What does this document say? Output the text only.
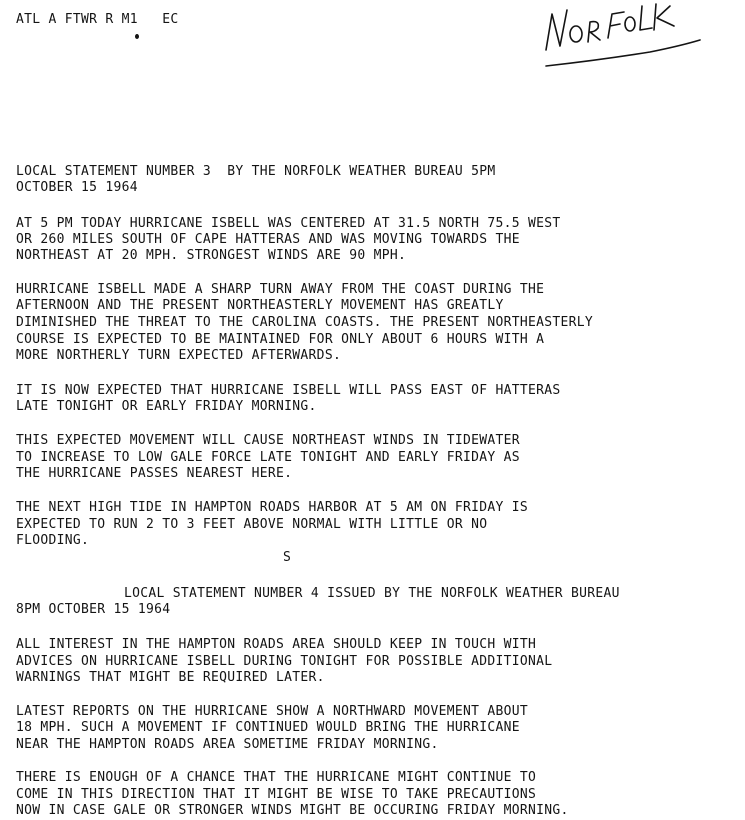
ATL A FTWR R M1   EC
LOCAL STATEMENT NUMBER 3  BY THE NORFOLK WEATHER BUREAU 5PM
OCTOBER 15 1964
AT 5 PM TODAY HURRICANE ISBELL WAS CENTERED AT 31.5 NORTH 75.5 WEST
OR 260 MILES SOUTH OF CAPE HATTERAS AND WAS MOVING TOWARDS THE
NORTHEAST AT 20 MPH. STRONGEST WINDS ARE 90 MPH.
HURRICANE ISBELL MADE A SHARP TURN AWAY FROM THE COAST DURING THE
AFTERNOON AND THE PRESENT NORTHEASTERLY MOVEMENT HAS GREATLY
DIMINISHED THE THREAT TO THE CAROLINA COASTS. THE PRESENT NORTHEASTERLY
COURSE IS EXPECTED TO BE MAINTAINED FOR ONLY ABOUT 6 HOURS WITH A
MORE NORTHERLY TURN EXPECTED AFTERWARDS.
IT IS NOW EXPECTED THAT HURRICANE ISBELL WILL PASS EAST OF HATTERAS
LATE TONIGHT OR EARLY FRIDAY MORNING.
THIS EXPECTED MOVEMENT WILL CAUSE NORTHEAST WINDS IN TIDEWATER
TO INCREASE TO LOW GALE FORCE LATE TONIGHT AND EARLY FRIDAY AS
THE HURRICANE PASSES NEAREST HERE.
THE NEXT HIGH TIDE IN HAMPTON ROADS HARBOR AT 5 AM ON FRIDAY IS
EXPECTED TO RUN 2 TO 3 FEET ABOVE NORMAL WITH LITTLE OR NO
FLOODING.
S
LOCAL STATEMENT NUMBER 4 ISSUED BY THE NORFOLK WEATHER BUREAU
8PM OCTOBER 15 1964
ALL INTEREST IN THE HAMPTON ROADS AREA SHOULD KEEP IN TOUCH WITH
ADVICES ON HURRICANE ISBELL DURING TONIGHT FOR POSSIBLE ADDITIONAL
WARNINGS THAT MIGHT BE REQUIRED LATER.
LATEST REPORTS ON THE HURRICANE SHOW A NORTHWARD MOVEMENT ABOUT
18 MPH. SUCH A MOVEMENT IF CONTINUED WOULD BRING THE HURRICANE
NEAR THE HAMPTON ROADS AREA SOMETIME FRIDAY MORNING.
THERE IS ENOUGH OF A CHANCE THAT THE HURRICANE MIGHT CONTINUE TO
COME IN THIS DIRECTION THAT IT MIGHT BE WISE TO TAKE PRECAUTIONS
NOW IN CASE GALE OR STRONGER WINDS MIGHT BE OCCURING FRIDAY MORNING.
